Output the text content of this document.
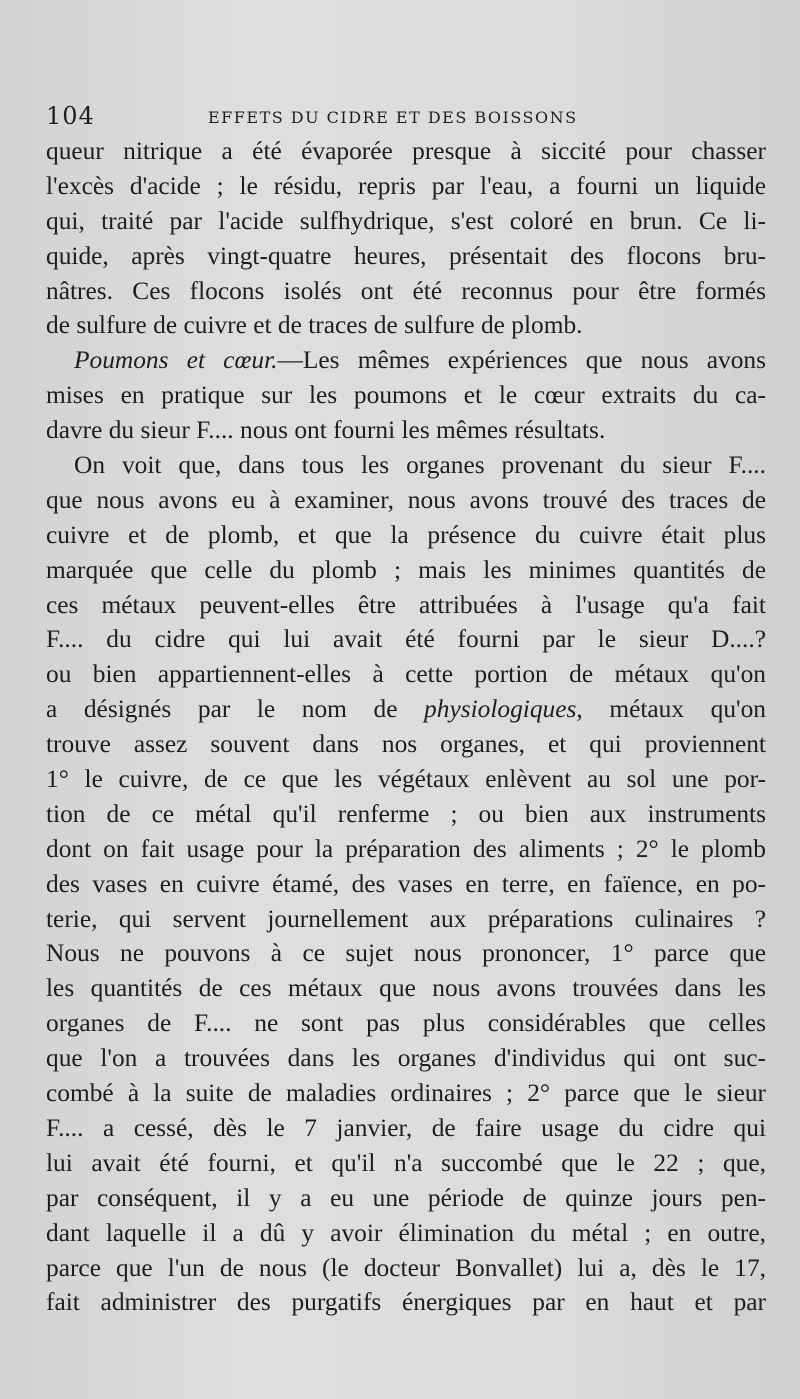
104	EFFETS DU CIDRE ET DES BOISSONS
queur nitrique a été évaporée presque à siccité pour chasser
l'excès d'acide ; le résidu, repris par l'eau, a fourni un liquide
qui, traité par l'acide sulfhydrique, s'est coloré en brun. Ce li-
quide, après vingt-quatre heures, présentait des flocons bru-
nâtres. Ces flocons isolés ont été reconnus pour être formés
de sulfure de cuivre et de traces de sulfure de plomb.
Poumons et cœur.—Les mêmes expériences que nous avons
mises en pratique sur les poumons et le cœur extraits du ca-
davre du sieur F.... nous ont fourni les mêmes résultats.
On voit que, dans tous les organes provenant du sieur F....
que nous avons eu à examiner, nous avons trouvé des traces de
cuivre et de plomb, et que la présence du cuivre était plus
marquée que celle du plomb ; mais les minimes quantités de
ces métaux peuvent-elles être attribuées à l'usage qu'a fait
F.... du cidre qui lui avait été fourni par le sieur D....?
ou bien appartiennent-elles à cette portion de métaux qu'on
a désignés par le nom de physiologiques, métaux qu'on
trouve assez souvent dans nos organes, et qui proviennent
1° le cuivre, de ce que les végétaux enlèvent au sol une por-
tion de ce métal qu'il renferme ; ou bien aux instruments
dont on fait usage pour la préparation des aliments ; 2° le plomb
des vases en cuivre étamé, des vases en terre, en faïence, en po-
terie, qui servent journellement aux préparations culinaires ?
Nous ne pouvons à ce sujet nous prononcer, 1° parce que
les quantités de ces métaux que nous avons trouvées dans les
organes de F.... ne sont pas plus considérables que celles
que l'on a trouvées dans les organes d'individus qui ont suc-
combé à la suite de maladies ordinaires ; 2° parce que le sieur
F.... a cessé, dès le 7 janvier, de faire usage du cidre qui
lui avait été fourni, et qu'il n'a succombé que le 22 ; que,
par conséquent, il y a eu une période de quinze jours pen-
dant laquelle il a dû y avoir élimination du métal ; en outre,
parce que l'un de nous (le docteur Bonvallet) lui a, dès le 17,
fait administrer des purgatifs énergiques par en haut et par
